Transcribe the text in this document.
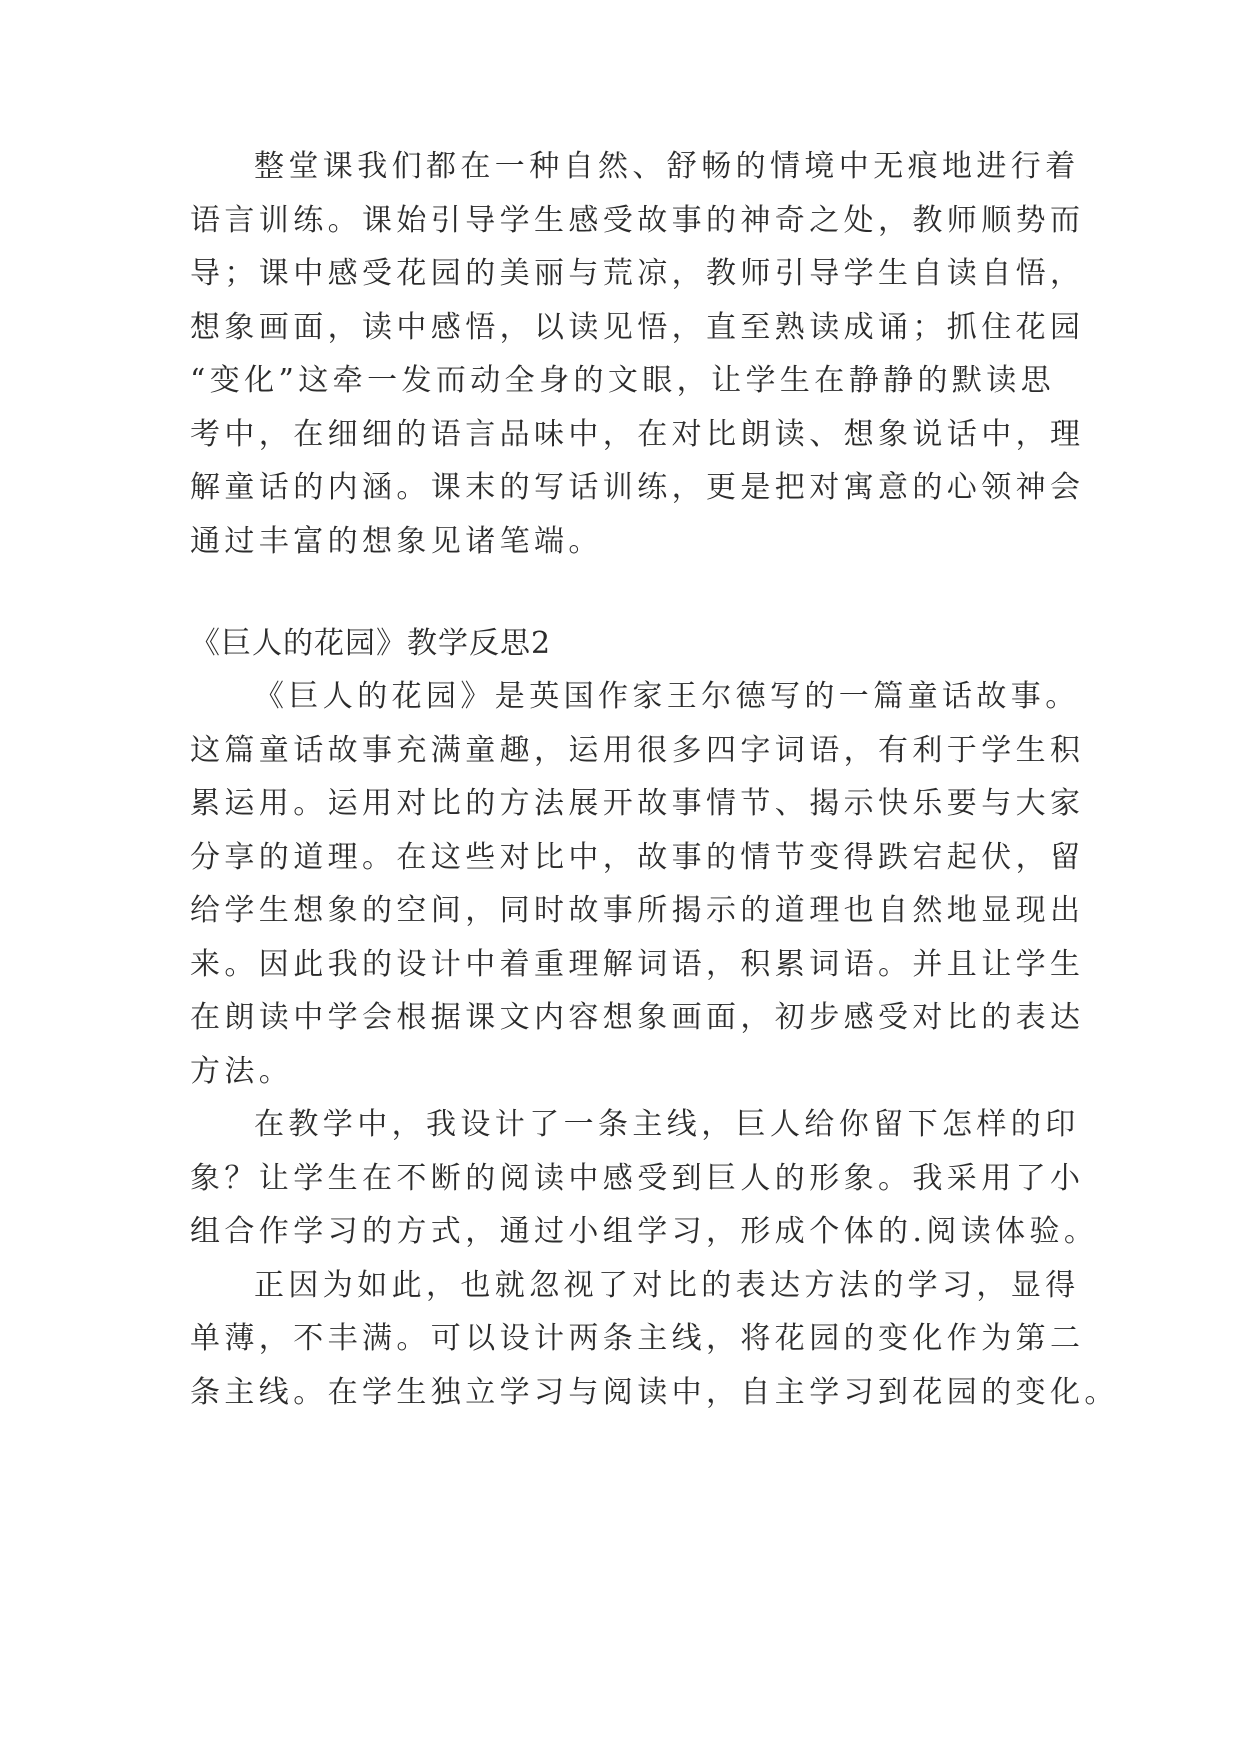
整堂课我们都在一种自然、舒畅的情境中无痕地进行着
语言训练。课始引导学生感受故事的神奇之处，教师顺势而
导；课中感受花园的美丽与荒凉，教师引导学生自读自悟，
想象画面，读中感悟，以读见悟，直至熟读成诵；抓住花园
“变化”这牵一发而动全身的文眼，让学生在静静的默读思
考中，在细细的语言品味中，在对比朗读、想象说话中，理
解童话的内涵。课末的写话训练，更是把对寓意的心领神会
通过丰富的想象见诸笔端。
《巨人的花园》教学反思2
《巨人的花园》是英国作家王尔德写的一篇童话故事。
这篇童话故事充满童趣，运用很多四字词语，有利于学生积
累运用。运用对比的方法展开故事情节、揭示快乐要与大家
分享的道理。在这些对比中，故事的情节变得跌宕起伏，留
给学生想象的空间，同时故事所揭示的道理也自然地显现出
来。因此我的设计中着重理解词语，积累词语。并且让学生
在朗读中学会根据课文内容想象画面，初步感受对比的表达
方法。
在教学中，我设计了一条主线，巨人给你留下怎样的印
象？让学生在不断的阅读中感受到巨人的形象。我采用了小
组合作学习的方式，通过小组学习，形成个体的.阅读体验。
正因为如此，也就忽视了对比的表达方法的学习，显得
单薄，不丰满。可以设计两条主线，将花园的变化作为第二
条主线。在学生独立学习与阅读中，自主学习到花园的变化。
